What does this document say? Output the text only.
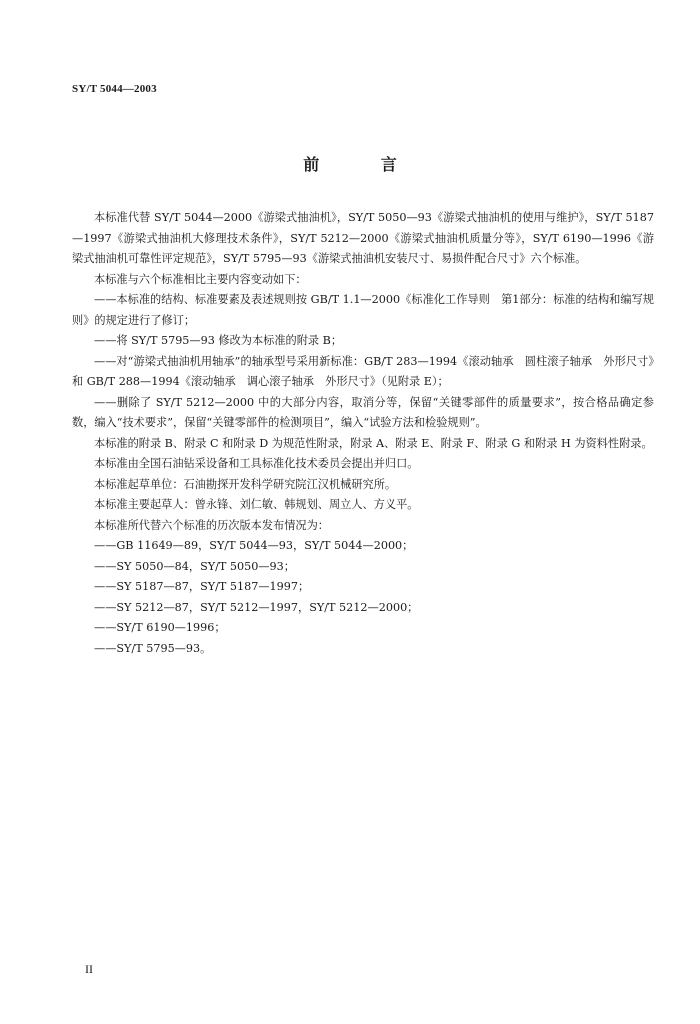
SY/T 5044—2003
前 言

本标准代替 SY/T 5044—2000《游梁式抽油机》，SY/T 5050—93《游梁式抽油机的使用与维护》，SY/T 5187—1997《游梁式抽油机大修理技术条件》，SY/T 5212—2000《游梁式抽油机质量分等》，SY/T 6190—1996《游梁式抽油机可靠性评定规范》，SY/T 5795—93《游梁式抽油机安装尺寸、易损件配合尺寸》六个标准。

本标准与六个标准相比主要内容变动如下：

——本标准的结构、标准要素及表述规则按 GB/T 1.1—2000《标准化工作导则　第1部分：标准的结构和编写规则》的规定进行了修订；

——将 SY/T 5795—93 修改为本标准的附录 B；

——对“游梁式抽油机用轴承”的轴承型号采用新标准：GB/T 283—1994《滚动轴承　圆柱滚子轴承　外形尺寸》和 GB/T 288—1994《滚动轴承　调心滚子轴承　外形尺寸》（见附录 E）；

——删除了 SY/T 5212—2000 中的大部分内容，取消分等，保留“关键零部件的质量要求”，按合格品确定参数，编入“技术要求”，保留“关键零部件的检测项目”，编入“试验方法和检验规则”。

本标准的附录 B、附录 C 和附录 D 为规范性附录，附录 A、附录 E、附录 F、附录 G 和附录 H 为资料性附录。

本标准由全国石油钻采设备和工具标准化技术委员会提出并归口。

本标准起草单位：石油勘探开发科学研究院江汉机械研究所。

本标准主要起草人：曾永锋、刘仁敏、韩规划、周立人、方义平。

本标准所代替六个标准的历次版本发布情况为：

——GB 11649—89，SY/T 5044—93，SY/T 5044—2000；

——SY 5050—84，SY/T 5050—93；

——SY 5187—87，SY/T 5187—1997；

——SY 5212—87，SY/T 5212—1997，SY/T 5212—2000；

——SY/T 6190—1996；

——SY/T 5795—93。

II
